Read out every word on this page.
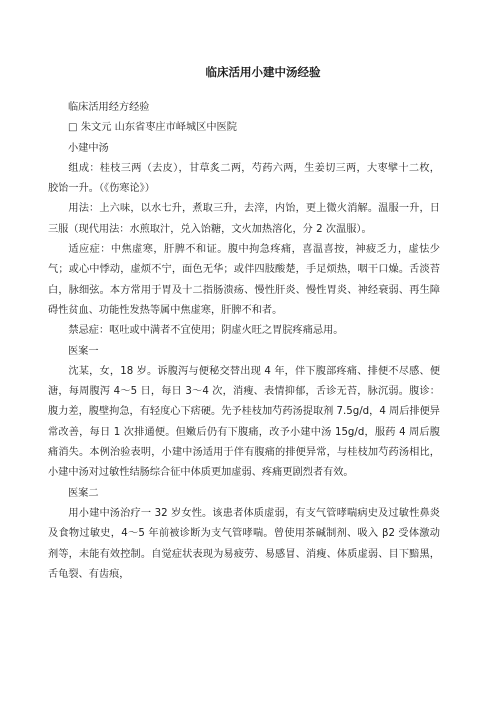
临床活用小建中汤经验

临床活用经方经验

□ 朱文元 山东省枣庄市峄城区中医院

小建中汤

组成：桂枝三两（去皮），甘草炙二两，芍药六两，生姜切三两，大枣擘十二枚，胶饴一升。（《伤寒论》）

用法：上六味，以水七升，煮取三升，去滓，内饴，更上微火消解。温服一升，日三服（现代用法：水煎取汁，兑入饴糖，文火加热溶化，分 2 次温服）。

适应症：中焦虚寒，肝脾不和证。腹中拘急疼痛，喜温喜按，神疲乏力，虚怯少气；或心中悸动，虚烦不宁，面色无华；或伴四肢酸楚，手足烦热，咽干口燥。舌淡苔白，脉细弦。本方常用于胃及十二指肠溃疡、慢性肝炎、慢性胃炎、神经衰弱、再生障碍性贫血、功能性发热等属中焦虚寒，肝脾不和者。

禁忌症：呕吐或中满者不宜使用；阴虚火旺之胃脘疼痛忌用。

医案一

沈某，女，18 岁。诉腹泻与便秘交替出现 4 年，伴下腹部疼痛、排便不尽感、便溏，每周腹泻 4～5 日，每日 3～4 次，消瘦、表情抑郁，舌诊无苔，脉沉弱。腹诊：腹力差，腹壁拘急，有轻度心下痞硬。先予桂枝加芍药汤提取剂 7.5g/d，4 周后排便异常改善，每日 1 次排通便。但嫩后仍有下腹痛，改予小建中汤 15g/d，服药 4 周后腹痛消失。本例治验表明，小建中汤适用于伴有腹痛的排便异常，与桂枝加芍药汤相比，小建中汤对过敏性结肠综合征中体质更加虚弱、疼痛更剧烈者有效。

医案二

用小建中汤治疗一 32 岁女性。该患者体质虚弱，有支气管哮喘病史及过敏性鼻炎及食物过敏史，4～5 年前被诊断为支气管哮喘。曾使用茶碱制剂、吸入 β2 受体激动剂等，未能有效控制。自觉症状表现为易疲劳、易感冒、消瘦、体质虚弱、目下黯黑，舌龟裂、有齿痕，
